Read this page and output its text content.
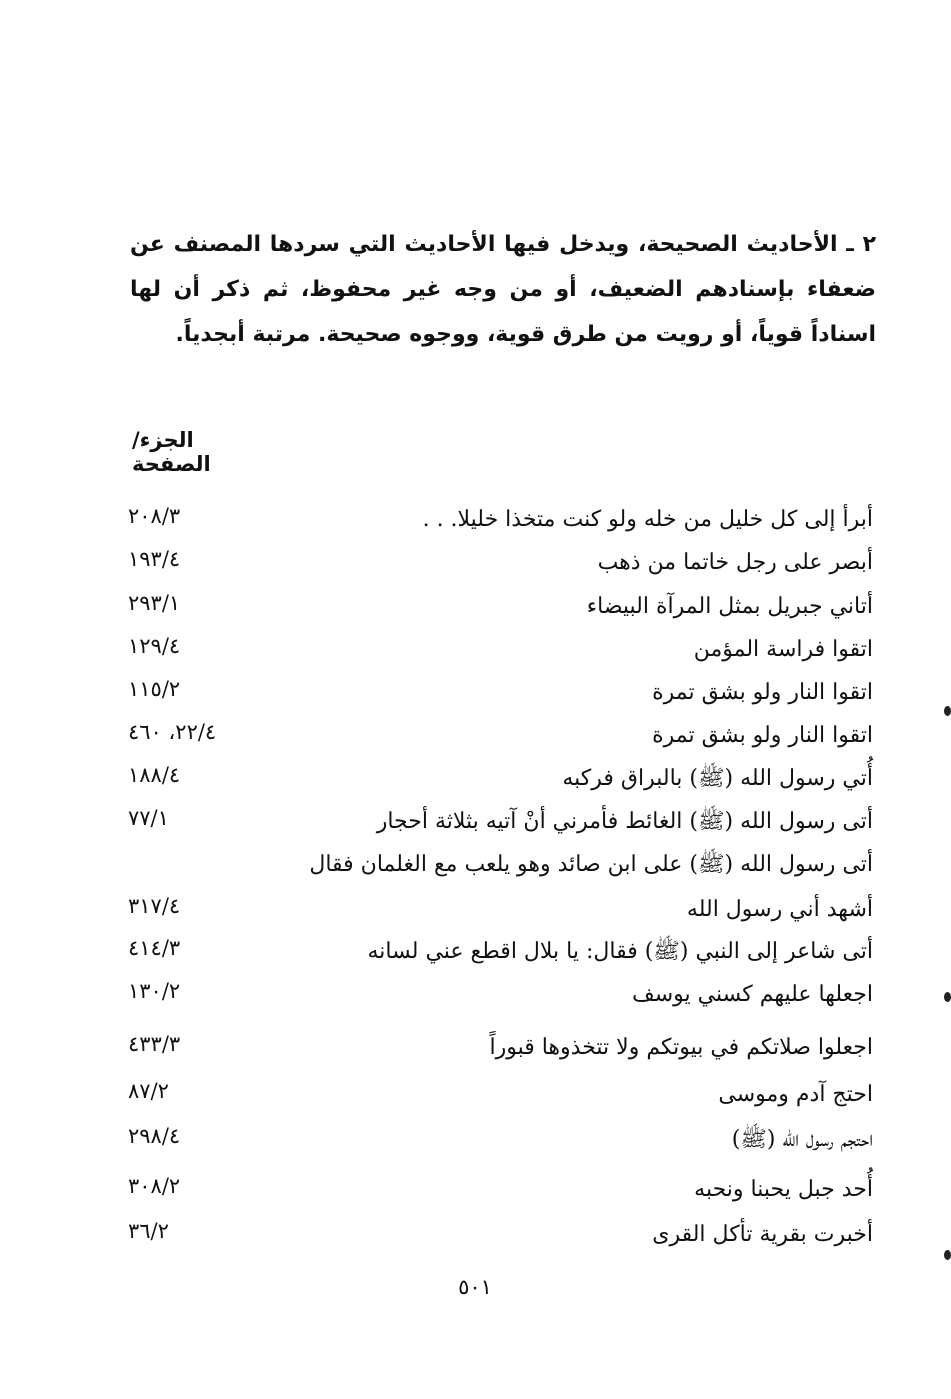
٢ ـ الأحاديث الصحيحة، ويدخل فيها الأحاديث التي سردها المصنف عن ضعفاء بإسنادهم الضعيف، أو من وجه غير محفوظ، ثم ذكر أن لها اسناداً قوياً، أو رويت من طرق قوية، ووجوه صحيحة. مرتبة أبجدياً.

الجزء/الصفحة
أبرأ إلى كل خليل من خله ولو كنت متخذا خليلا. . .
٢٠٨/٣
أبصر على رجل خاتما من ذهب
١٩٣/٤
أتاني جبريل بمثل المرآة البيضاء
٢٩٣/١
اتقوا فراسة المؤمن
١٢٩/٤
اتقوا النار ولو بشق تمرة
١١٥/٢
اتقوا النار ولو بشق تمرة
٢٢/٤، ٤٦٠
أُتي رسول الله (ﷺ) بالبراق فركبه
١٨٨/٤
أتى رسول الله (ﷺ) الغائط فأمرني أنْ آتيه بثلاثة أحجار
٧٧/١
أتى رسول الله (ﷺ) على ابن صائد وهو يلعب مع الغلمان فقال
أشهد أني رسول الله
٣١٧/٤
أتى شاعر إلى النبي (ﷺ) فقال: يا بلال اقطع عني لسانه
٤١٤/٣
اجعلها عليهم كسني يوسف
١٣٠/٢
اجعلوا صلاتكم في بيوتكم ولا تتخذوها قبوراً
٤٣٣/٣
احتج آدم وموسى
٨٧/٢
احتجم رسول الله (ﷺ)
٢٩٨/٤
أُحد جبل يحبنا ونحبه
٣٠٨/٢
أخبرت بقرية تأكل القرى
٣٦/٢
٥٠١
